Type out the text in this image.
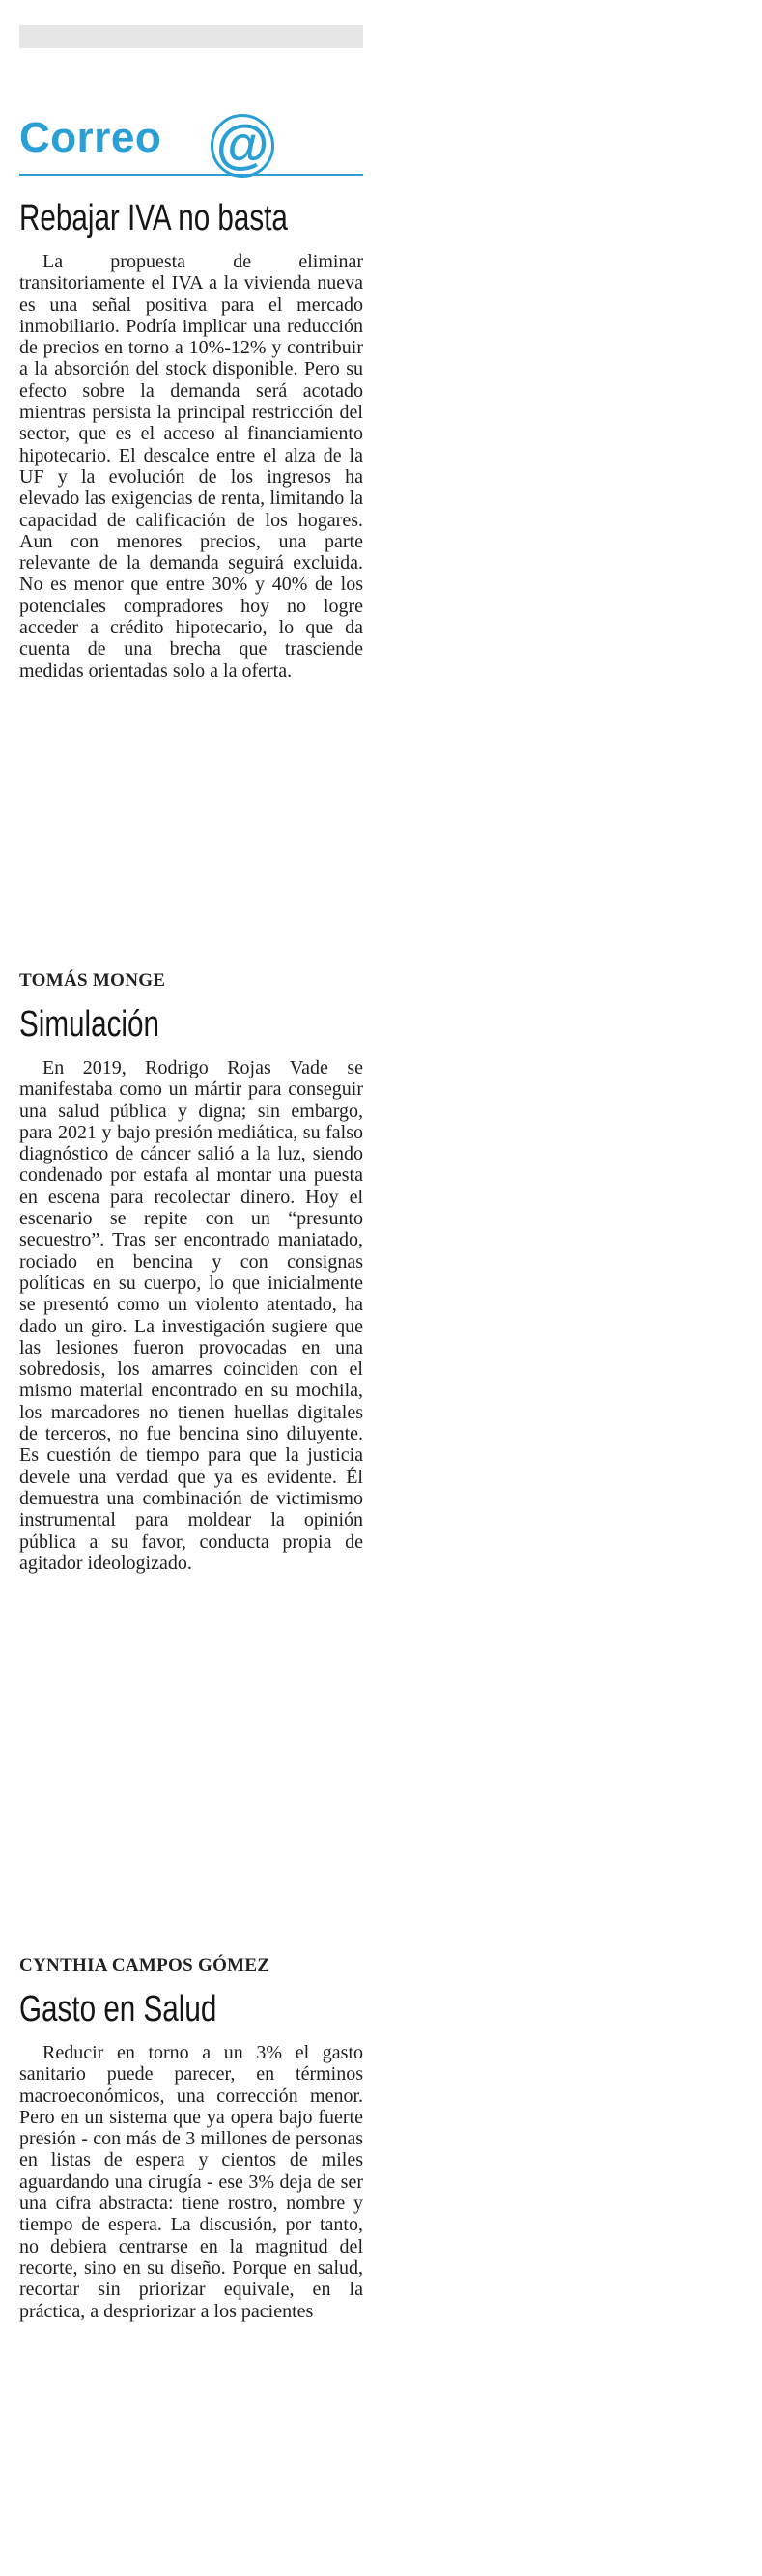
Correo @
Rebajar IVA no basta
La propuesta de eliminar transitoriamente el IVA a la vivienda nueva es una señal positiva para el mercado inmobiliario. Podría implicar una reducción de precios en torno a 10%-12% y contribuir a la absorción del stock disponible. Pero su efecto sobre la demanda será acotado mientras persista la principal restricción del sector, que es el acceso al financiamiento hipotecario. El descalce entre el alza de la UF y la evolución de los ingresos ha elevado las exigencias de renta, limitando la capacidad de calificación de los hogares. Aun con menores precios, una parte relevante de la demanda seguirá excluida. No es menor que entre 30% y 40% de los potenciales compradores hoy no logre acceder a crédito hipotecario, lo que da cuenta de una brecha que trasciende medidas orientadas solo a la oferta.
TOMÁS MONGE
Simulación
En 2019, Rodrigo Rojas Vade se manifestaba como un mártir para conseguir una salud pública y digna; sin embargo, para 2021 y bajo presión mediática, su falso diagnóstico de cáncer salió a la luz, siendo condenado por estafa al montar una puesta en escena para recolectar dinero. Hoy el escenario se repite con un “presunto secuestro”. Tras ser encontrado maniatado, rociado en bencina y con consignas políticas en su cuerpo, lo que inicialmente se presentó como un violento atentado, ha dado un giro. La investigación sugiere que las lesiones fueron provocadas en una sobredosis, los amarres coinciden con el mismo material encontrado en su mochila, los marcadores no tienen huellas digitales de terceros, no fue bencina sino diluyente. Es cuestión de tiempo para que la justicia devele una verdad que ya es evidente. Él demuestra una combinación de victimismo instrumental para moldear la opinión pública a su favor, conducta propia de agitador ideologizado.
CYNTHIA CAMPOS GÓMEZ
Gasto en Salud
Reducir en torno a un 3% el gasto sanitario puede parecer, en términos macroeconómicos, una corrección menor. Pero en un sistema que ya opera bajo fuerte presión - con más de 3 millones de personas en listas de espera y cientos de miles aguardando una cirugía - ese 3% deja de ser una cifra abstracta: tiene rostro, nombre y tiempo de espera. La discusión, por tanto, no debiera centrarse en la magnitud del recorte, sino en su diseño. Porque en salud, recortar sin priorizar equivale, en la práctica, a despriorizar a los pacientes
